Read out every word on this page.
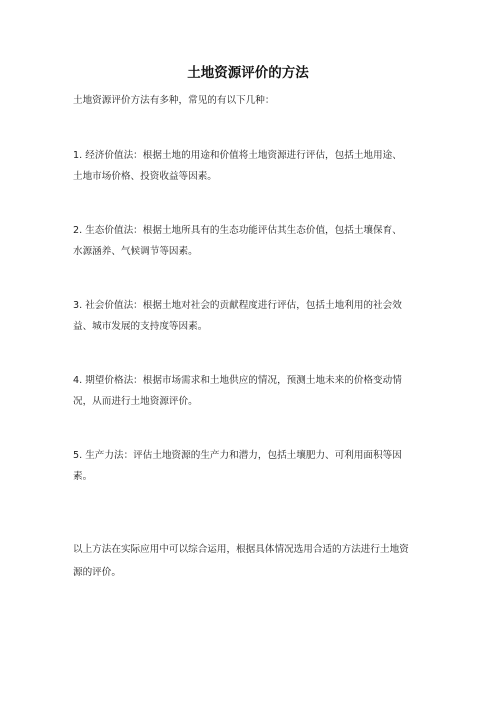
土地资源评价的方法
土地资源评价方法有多种，常见的有以下几种：
1. 经济价值法：根据土地的用途和价值将土地资源进行评估，包括土地用途、
土地市场价格、投资收益等因素。
2. 生态价值法：根据土地所具有的生态功能评估其生态价值，包括土壤保育、
水源涵养、气候调节等因素。
3. 社会价值法：根据土地对社会的贡献程度进行评估，包括土地利用的社会效
益、城市发展的支持度等因素。
4. 期望价格法：根据市场需求和土地供应的情况，预测土地未来的价格变动情
况，从而进行土地资源评价。
5. 生产力法：评估土地资源的生产力和潜力，包括土壤肥力、可利用面积等因
素。
以上方法在实际应用中可以综合运用，根据具体情况选用合适的方法进行土地资
源的评价。
